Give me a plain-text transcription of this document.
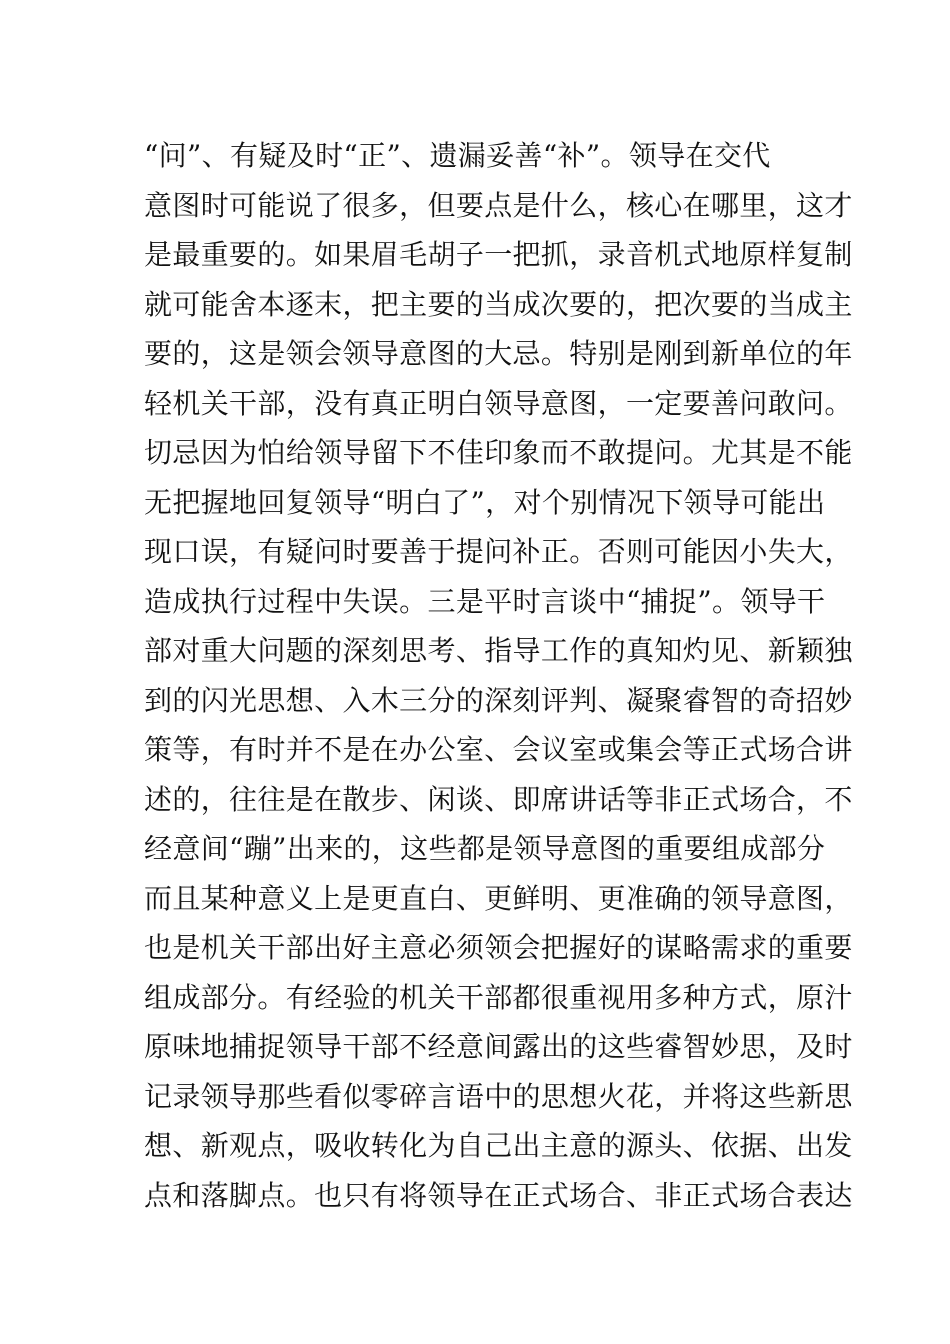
“问”、有疑及时“正”、遗漏妥善“补”。领导在交代
意图时可能说了很多，但要点是什么，核心在哪里，这才
是最重要的。如果眉毛胡子一把抓，录音机式地原样复制
就可能舍本逐末，把主要的当成次要的，把次要的当成主
要的，这是领会领导意图的大忌。特别是刚到新单位的年
轻机关干部，没有真正明白领导意图，一定要善问敢问。
切忌因为怕给领导留下不佳印象而不敢提问。尤其是不能
无把握地回复领导“明白了”，对个别情况下领导可能出
现口误，有疑问时要善于提问补正。否则可能因小失大，
造成执行过程中失误。三是平时言谈中“捕捉”。领导干
部对重大问题的深刻思考、指导工作的真知灼见、新颖独
到的闪光思想、入木三分的深刻评判、凝聚睿智的奇招妙
策等，有时并不是在办公室、会议室或集会等正式场合讲
述的，往往是在散步、闲谈、即席讲话等非正式场合，不
经意间“蹦”出来的，这些都是领导意图的重要组成部分
而且某种意义上是更直白、更鲜明、更准确的领导意图，
也是机关干部出好主意必须领会把握好的谋略需求的重要
组成部分。有经验的机关干部都很重视用多种方式，原汁
原味地捕捉领导干部不经意间露出的这些睿智妙思，及时
记录领导那些看似零碎言语中的思想火花，并将这些新思
想、新观点，吸收转化为自己出主意的源头、依据、出发
点和落脚点。也只有将领导在正式场合、非正式场合表达
